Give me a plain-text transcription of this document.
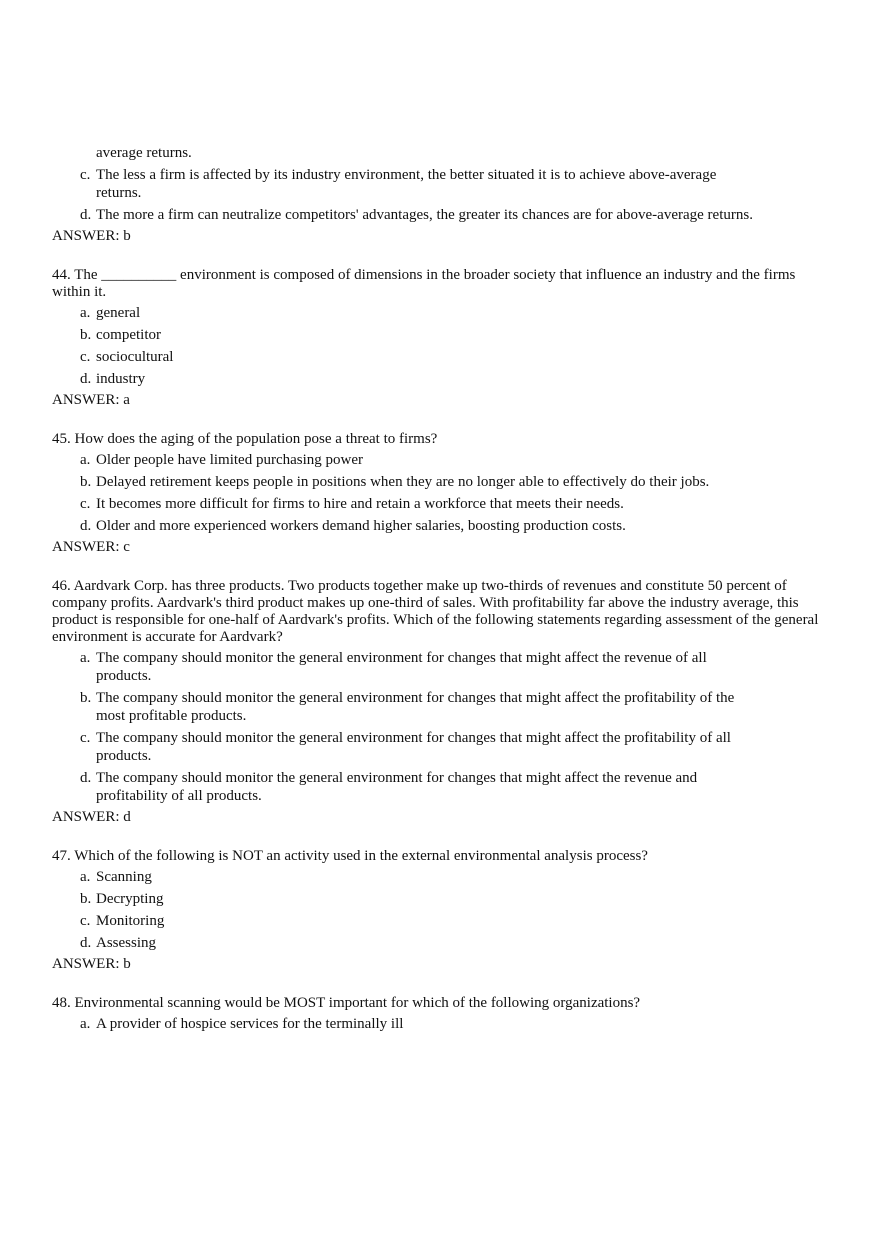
average returns.
c. The less a firm is affected by its industry environment, the better situated it is to achieve above-average returns.
d. The more a firm can neutralize competitors' advantages, the greater its chances are for above-average returns.
ANSWER: b
44. The __________ environment is composed of dimensions in the broader society that influence an industry and the firms within it.
a. general
b. competitor
c. sociocultural
d. industry
ANSWER: a
45. How does the aging of the population pose a threat to firms?
a. Older people have limited purchasing power
b. Delayed retirement keeps people in positions when they are no longer able to effectively do their jobs.
c. It becomes more difficult for firms to hire and retain a workforce that meets their needs.
d. Older and more experienced workers demand higher salaries, boosting production costs.
ANSWER: c
46. Aardvark Corp. has three products. Two products together make up two-thirds of revenues and constitute 50 percent of company profits. Aardvark's third product makes up one-third of sales. With profitability far above the industry average, this product is responsible for one-half of Aardvark's profits. Which of the following statements regarding assessment of the general environment is accurate for Aardvark?
a. The company should monitor the general environment for changes that might affect the revenue of all products.
b. The company should monitor the general environment for changes that might affect the profitability of the most profitable products.
c. The company should monitor the general environment for changes that might affect the profitability of all products.
d. The company should monitor the general environment for changes that might affect the revenue and profitability of all products.
ANSWER: d
47. Which of the following is NOT an activity used in the external environmental analysis process?
a. Scanning
b. Decrypting
c. Monitoring
d. Assessing
ANSWER: b
48. Environmental scanning would be MOST important for which of the following organizations?
a. A provider of hospice services for the terminally ill
